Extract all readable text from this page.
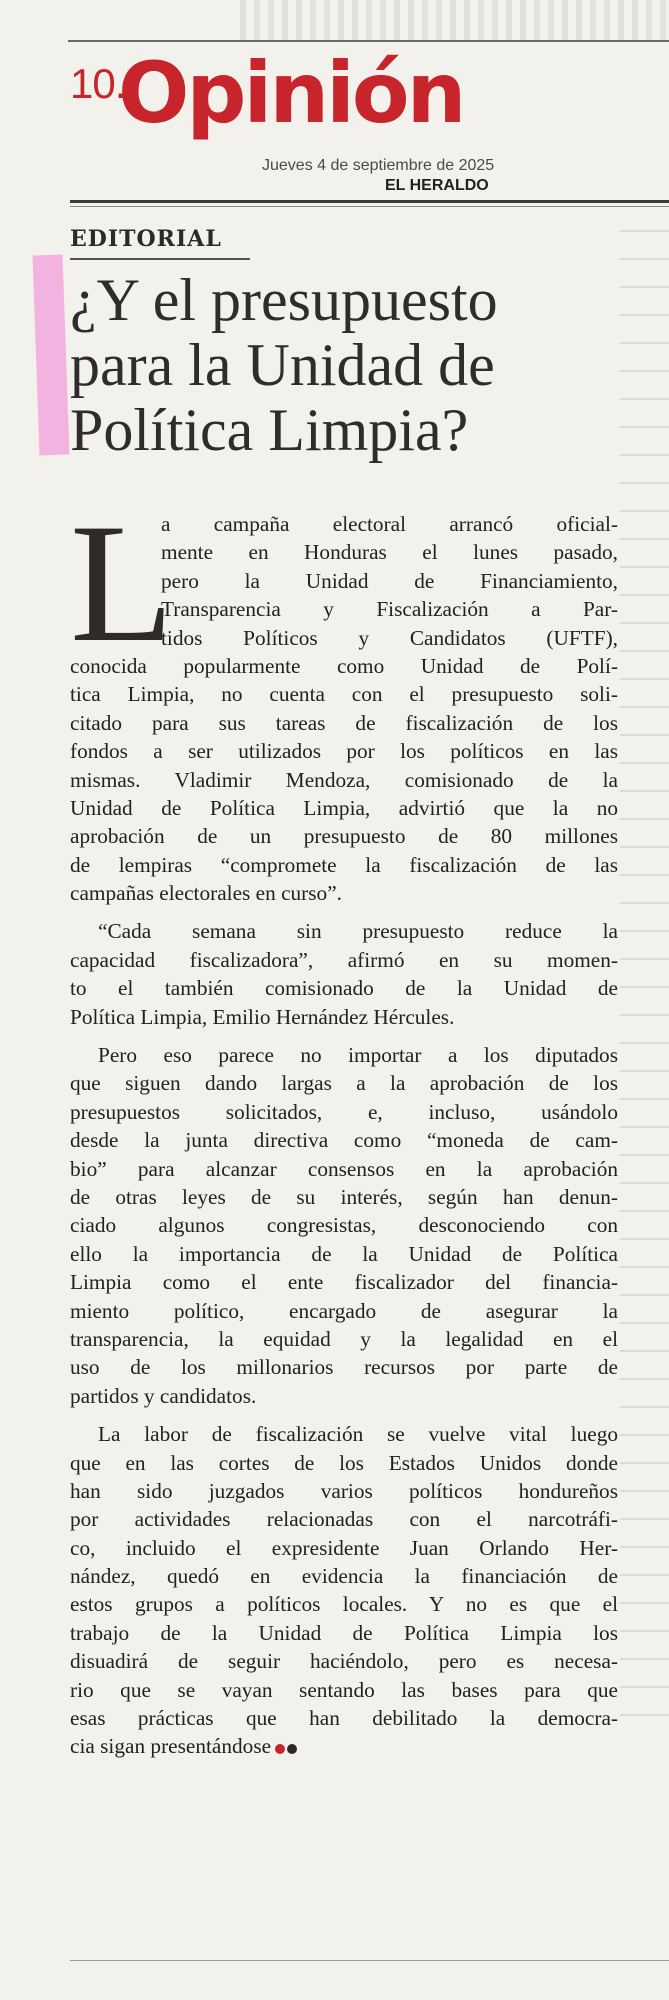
10.
Opinión
Jueves 4 de septiembre de 2025
EL HERALDO
EDITORIAL
¿Y el presupuesto
para la Unidad de
Política Limpia?
L
a campaña electoral arrancó oficial-
mente en Honduras el lunes pasado,
pero la Unidad de Financiamiento,
Transparencia y Fiscalización a Par-
tidos Políticos y Candidatos (UFTF),
conocida popularmente como Unidad de Polí-
tica Limpia, no cuenta con el presupuesto soli-
citado para sus tareas de fiscalización de los
fondos a ser utilizados por los políticos en las
mismas. Vladimir Mendoza, comisionado de la
Unidad de Política Limpia, advirtió que la no
aprobación de un presupuesto de 80 millones
de lempiras “compromete la fiscalización de las
campañas electorales en curso”.
“Cada semana sin presupuesto reduce la
capacidad fiscalizadora”, afirmó en su momen-
to el también comisionado de la Unidad de
Política Limpia, Emilio Hernández Hércules.
Pero eso parece no importar a los diputados
que siguen dando largas a la aprobación de los
presupuestos solicitados, e, incluso, usándolo
desde la junta directiva como “moneda de cam-
bio” para alcanzar consensos en la aprobación
de otras leyes de su interés, según han denun-
ciado algunos congresistas, desconociendo con
ello la importancia de la Unidad de Política
Limpia como el ente fiscalizador del financia-
miento político, encargado de asegurar la
transparencia, la equidad y la legalidad en el
uso de los millonarios recursos por parte de
partidos y candidatos.
La labor de fiscalización se vuelve vital luego
que en las cortes de los Estados Unidos donde
han sido juzgados varios políticos hondureños
por actividades relacionadas con el narcotráfi-
co, incluido el expresidente Juan Orlando Her-
nández, quedó en evidencia la financiación de
estos grupos a políticos locales. Y no es que el
trabajo de la Unidad de Política Limpia los
disuadirá de seguir haciéndolo, pero es necesa-
rio que se vayan sentando las bases para que
esas prácticas que han debilitado la democra-
cia sigan presentándose
